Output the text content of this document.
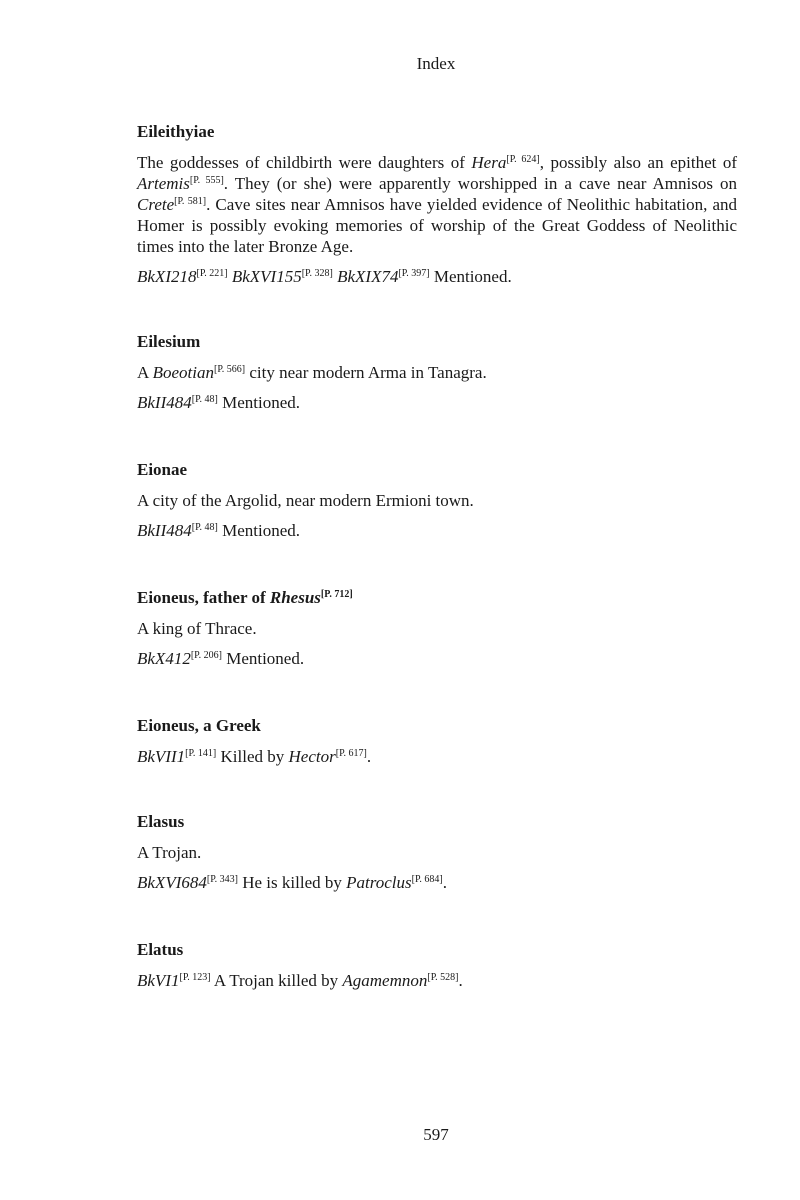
Index
Eileithyiae

The goddesses of childbirth were daughters of Hera[P. 624], possibly also an epithet of Artemis[P. 555]. They (or she) were apparently worshipped in a cave near Amnisos on Crete[P. 581]. Cave sites near Amnisos have yielded evidence of Neolithic habitation, and Homer is possibly evoking memories of worship of the Great Goddess of Neolithic times into the later Bronze Age.

BkXI218[P. 221] BkXVI155[P. 328] BkXIX74[P. 397] Mentioned.

Eilesium

A Boeotian[P. 566] city near modern Arma in Tanagra.

BkII484[P. 48] Mentioned.

Eionae

A city of the Argolid, near modern Ermioni town.

BkII484[P. 48] Mentioned.

Eioneus, father of Rhesus[P. 712]

A king of Thrace.

BkX412[P. 206] Mentioned.

Eioneus, a Greek

BkVII1[P. 141] Killed by Hector[P. 617].

Elasus

A Trojan.

BkXVI684[P. 343] He is killed by Patroclus[P. 684].

Elatus

BkVI1[P. 123] A Trojan killed by Agamemnon[P. 528].

597
